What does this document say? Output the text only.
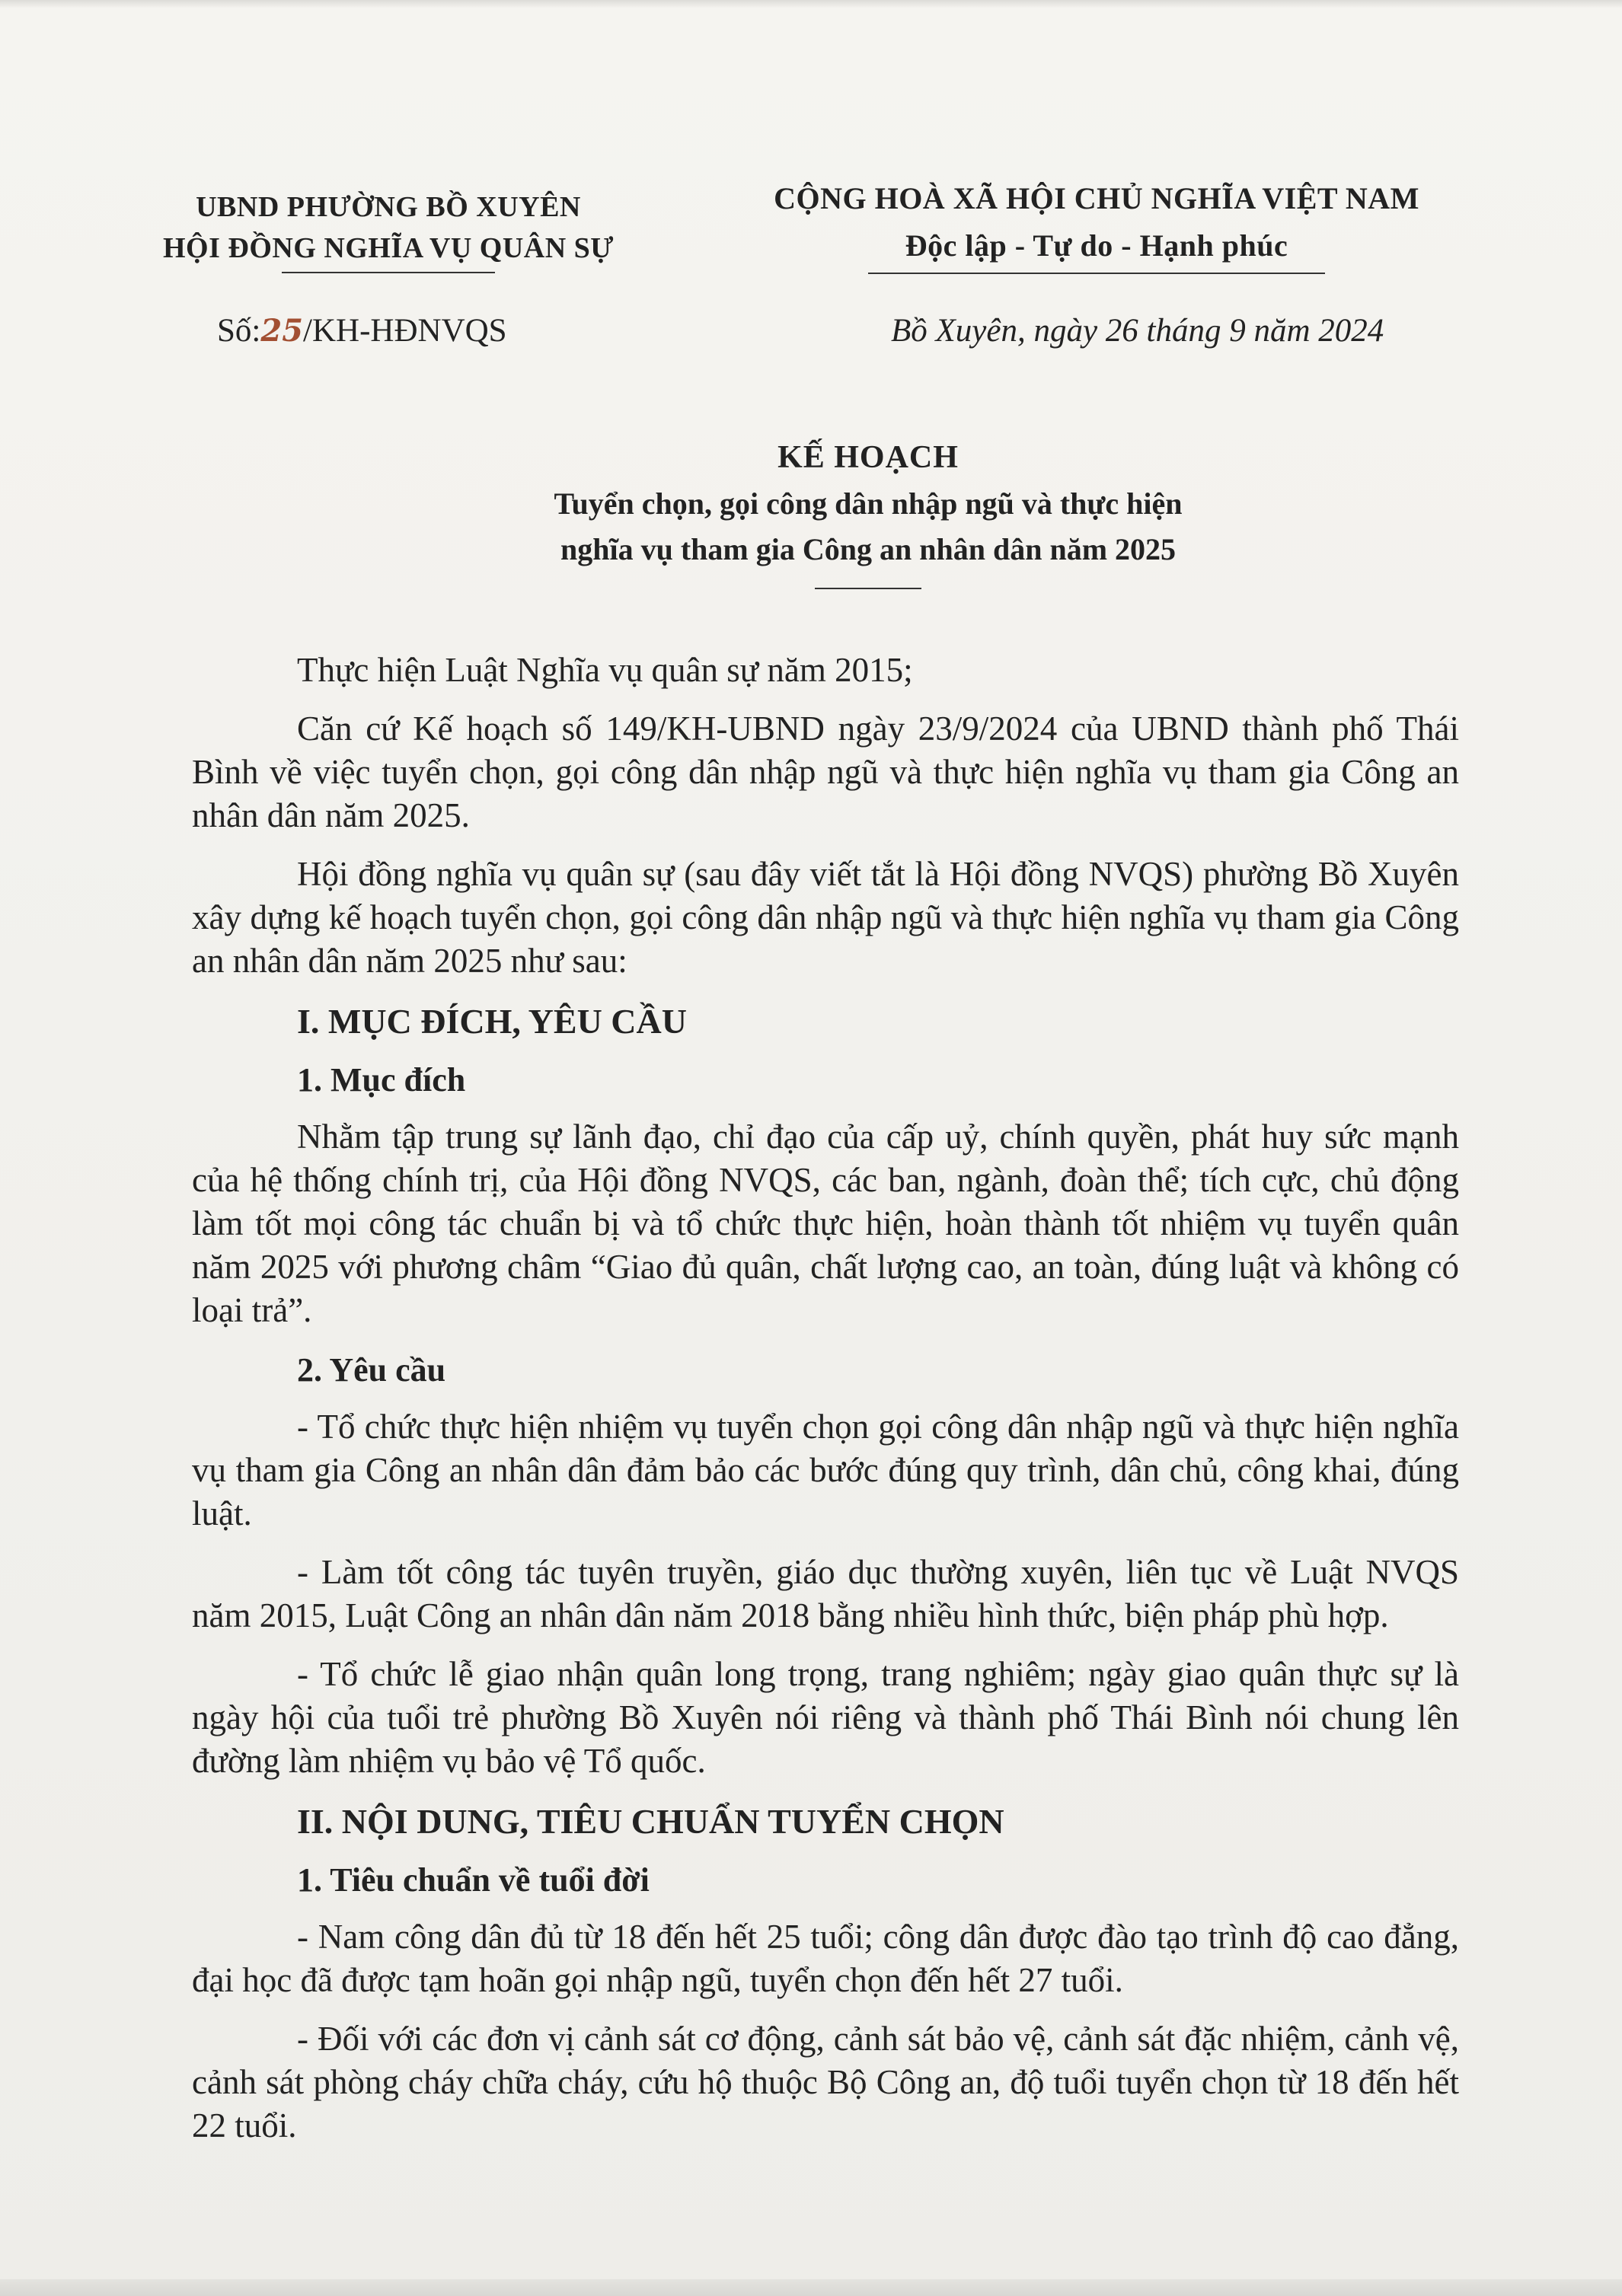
UBND PHƯỜNG BỒ XUYÊN
HỘI ĐỒNG NGHĨA VỤ QUÂN SỰ
CỘNG HOÀ XÃ HỘI CHỦ NGHĨA VIỆT NAM
Độc lập - Tự do - Hạnh phúc
Số:25/KH-HĐNVQS	Bồ Xuyên, ngày 26 tháng 9 năm 2024
KẾ HOẠCH
Tuyển chọn, gọi công dân nhập ngũ và thực hiện
nghĩa vụ tham gia Công an nhân dân năm 2025

Thực hiện Luật Nghĩa vụ quân sự năm 2015;

Căn cứ Kế hoạch số 149/KH-UBND ngày 23/9/2024 của UBND thành phố Thái Bình về việc tuyển chọn, gọi công dân nhập ngũ và thực hiện nghĩa vụ tham gia Công an nhân dân năm 2025.

Hội đồng nghĩa vụ quân sự (sau đây viết tắt là Hội đồng NVQS) phường Bồ Xuyên xây dựng kế hoạch tuyển chọn, gọi công dân nhập ngũ và thực hiện nghĩa vụ tham gia Công an nhân dân năm 2025 như sau:

I. MỤC ĐÍCH, YÊU CẦU
1. Mục đích

Nhằm tập trung sự lãnh đạo, chỉ đạo của cấp uỷ, chính quyền, phát huy sức mạnh của hệ thống chính trị, của Hội đồng NVQS, các ban, ngành, đoàn thể; tích cực, chủ động làm tốt mọi công tác chuẩn bị và tổ chức thực hiện, hoàn thành tốt nhiệm vụ tuyển quân năm 2025 với phương châm “Giao đủ quân, chất lượng cao, an toàn, đúng luật và không có loại trả”.

2. Yêu cầu

- Tổ chức thực hiện nhiệm vụ tuyển chọn gọi công dân nhập ngũ và thực hiện nghĩa vụ tham gia Công an nhân dân đảm bảo các bước đúng quy trình, dân chủ, công khai, đúng luật.

- Làm tốt công tác tuyên truyền, giáo dục thường xuyên, liên tục về Luật NVQS năm 2015, Luật Công an nhân dân năm 2018 bằng nhiều hình thức, biện pháp phù hợp.

- Tổ chức lễ giao nhận quân long trọng, trang nghiêm; ngày giao quân thực sự là ngày hội của tuổi trẻ phường Bồ Xuyên nói riêng và thành phố Thái Bình nói chung lên đường làm nhiệm vụ bảo vệ Tổ quốc.

II. NỘI DUNG, TIÊU CHUẨN TUYỂN CHỌN
1. Tiêu chuẩn về tuổi đời

- Nam công dân đủ từ 18 đến hết 25 tuổi; công dân được đào tạo trình độ cao đẳng, đại học đã được tạm hoãn gọi nhập ngũ, tuyển chọn đến hết 27 tuổi.

- Đối với các đơn vị cảnh sát cơ động, cảnh sát bảo vệ, cảnh sát đặc nhiệm, cảnh vệ, cảnh sát phòng cháy chữa cháy, cứu hộ thuộc Bộ Công an, độ tuổi tuyển chọn từ 18 đến hết 22 tuổi.
